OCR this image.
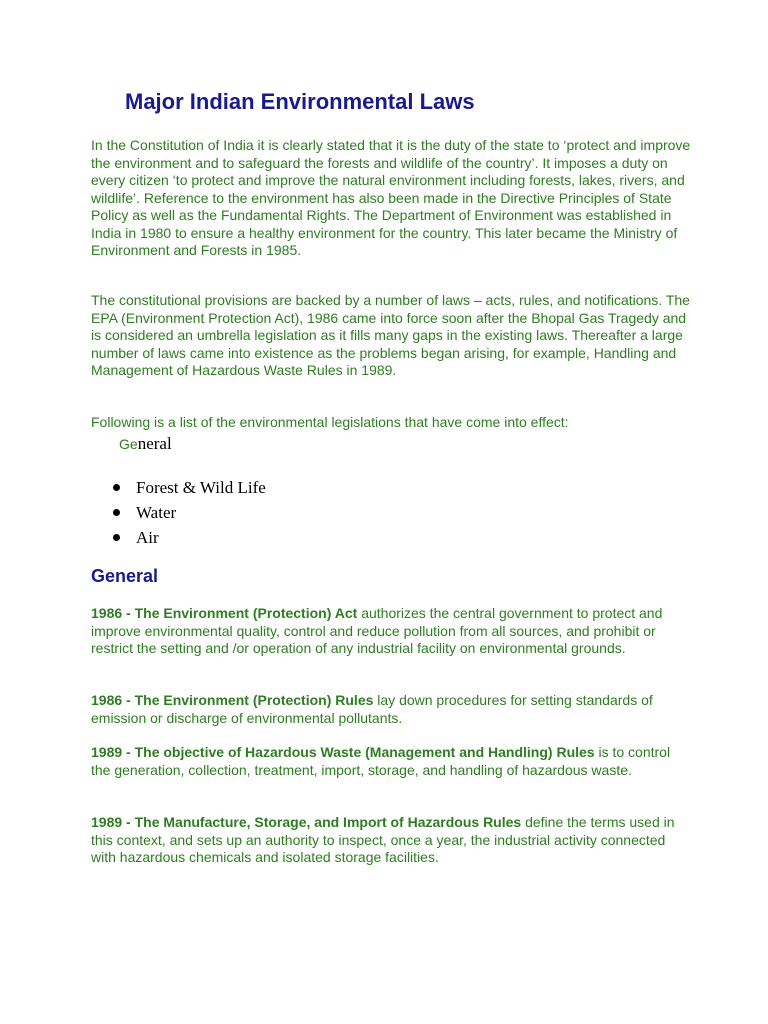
Major Indian Environmental Laws

In the Constitution of India it is clearly stated that it is the duty of the state to ‘protect and improve the environment and to safeguard the forests and wildlife of the country’. It imposes a duty on every citizen ‘to protect and improve the natural environment including forests, lakes, rivers, and wildlife’. Reference to the environment has also been made in the Directive Principles of State Policy as well as the Fundamental Rights. The Department of Environment was established in India in 1980 to ensure a healthy environment for the country. This later became the Ministry of Environment and Forests in 1985.

The constitutional provisions are backed by a number of laws – acts, rules, and notifications. The EPA (Environment Protection Act), 1986 came into force soon after the Bhopal Gas Tragedy and is considered an umbrella legislation as it fills many gaps in the existing laws. Thereafter a large number of laws came into existence as the problems began arising, for example, Handling and Management of Hazardous Waste Rules in 1989.

Following is a list of the environmental legislations that have come into effect:

General
Forest & Wild Life
Water
Air
General

1986 - The Environment (Protection) Act authorizes the central government to protect and improve environmental quality, control and reduce pollution from all sources, and prohibit or restrict the setting and /or operation of any industrial facility on environmental grounds.

1986 - The Environment (Protection) Rules lay down procedures for setting standards of emission or discharge of environmental pollutants.

1989 - The objective of Hazardous Waste (Management and Handling) Rules is to control the generation, collection, treatment, import, storage, and handling of hazardous waste.

1989 - The Manufacture, Storage, and Import of Hazardous Rules define the terms used in this context, and sets up an authority to inspect, once a year, the industrial activity connected with hazardous chemicals and isolated storage facilities.
